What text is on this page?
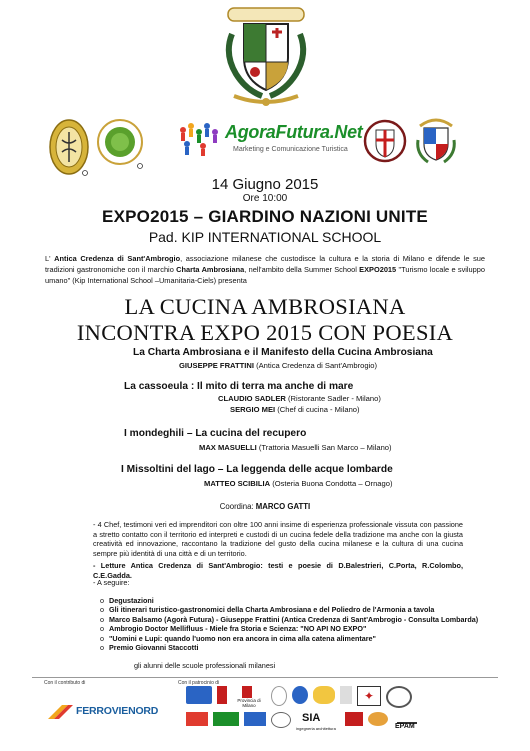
AgoraFutura.Net
Marketing e Comunicazione Turistica
14 Giugno 2015
Ore 10:00
EXPO2015 – GIARDINO NAZIONI UNITE
Pad. KIP INTERNATIONAL SCHOOL
L' Antica Credenza di Sant'Ambrogio, associazione milanese che custodisce la cultura e la storia di Milano e difende le sue tradizioni gastronomiche con il marchio Charta Ambrosiana, nell'ambito della Summer School EXPO2015 "Turismo locale e sviluppo umano" (Kip International School –Umanitaria-Ciels) presenta
LA CUCINA AMBROSIANA
INCONTRA EXPO 2015 CON POESIA
La Charta Ambrosiana e il Manifesto della Cucina Ambrosiana
GIUSEPPE FRATTINI (Antica Credenza di Sant'Ambrogio)
La cassoeula : Il mito di terra ma anche di mare
CLAUDIO SADLER (Ristorante Sadler - Milano)
SERGIO MEI (Chef di cucina - Milano)
I mondeghili – La cucina del recupero
MAX MASUELLI (Trattoria Masuelli San Marco – Milano)
I Missoltini del lago – La leggenda delle acque lombarde
MATTEO SCIBILIA (Osteria Buona Condotta – Ornago)
Coordina: MARCO GATTI
- 4 Chef, testimoni veri ed imprenditori con oltre 100 anni insime di esperienza professionale vissuta con passione a stretto contatto con il territorio ed interpreti e custodi di un cucina fedele della tradizione ma anche con la giusta creatività ed innovazione, raccontano la tradizione del gusto della cucina milanese e la cultura di una cucina sempre più identità di una città e di un territorio.
- Letture Antica Credenza di Sant'Ambrogio: testi e poesie di D.Balestrieri, C.Porta, R.Colombo, C.E.Gadda.
- A seguire:
o Degustazioni
o Gli itinerari turistico-gastronomici della Charta Ambrosiana e del Poliedro de l'Armonia a tavola
o Marco Balsamo (Agorà Futura) - Giuseppe Frattini (Antica Credenza di Sant'Ambrogio - Consulta Lombarda)
o Ambrogio Doctor Mellifluus - Miele fra Storia e Scienza: "NO API NO EXPO"
o "Uomini e Lupi: quando l'uomo non era ancora in cima alla catena alimentare"
o Premio Giovanni Staccotti
gli alunni delle scuole professionali milanesi
Con il contributo di	Con il patrocinio di
FERROVIENORD
Provincia di Milano
✦
SIA
ingegneria architettura	EPAM
